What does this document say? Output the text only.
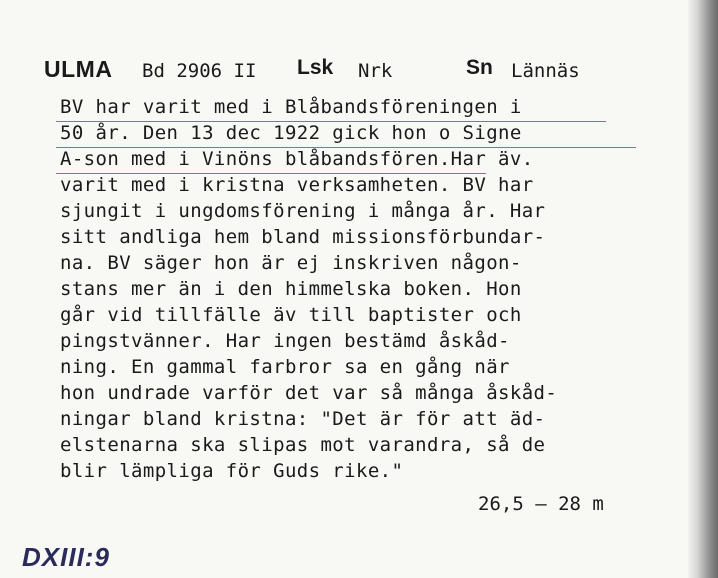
ULMA Bd 2906 II Lsk Nrk	Sn Lännäs
BV har varit med i Blåbandsföreningen i
50 år. Den 13 dec 1922 gick hon o Signe
A-son med i Vinöns blåbandsfören.Har äv.
varit med i kristna verksamheten. BV har
sjungit i ungdomsförening i många år. Har
sitt andliga hem bland missionsförbundar-
na. BV säger hon är ej inskriven någon-
stans mer än i den himmelska boken. Hon
går vid tillfälle äv till baptister och
pingstvänner. Har ingen bestämd åskåd-
ning. En gammal farbror sa en gång när
hon undrade varför det var så många åskåd-
ningar bland kristna: "Det är för att äd-
elstenarna ska slipas mot varandra, så de
blir lämpliga för Guds rike."
26,5 – 28 m
DXIII:9
